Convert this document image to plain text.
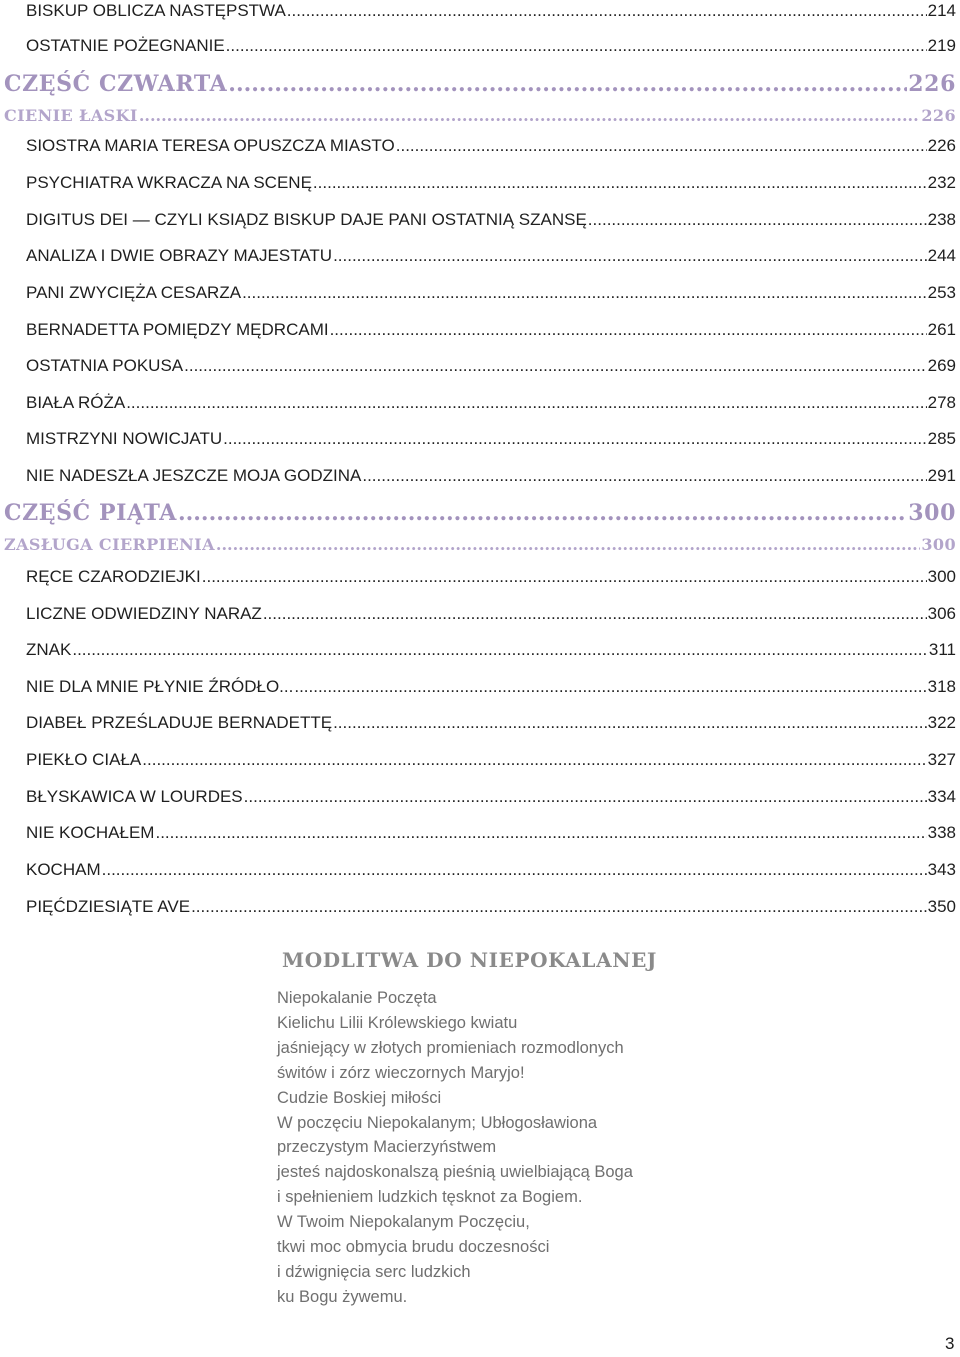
BISKUP OBLICZA NASTĘPSTWA .....	214
OSTATNIE POŻEGNANIE .....	219
CZĘŚĆ CZWARTA .....	226
CIENIE ŁASKI .....	226
SIOSTRA MARIA TERESA OPUSZCZA MIASTO .....	226
PSYCHIATRA WKRACZA NA SCENĘ .....	232
DIGITUS DEI — CZYLI KSIĄDZ BISKUP DAJE PANI OSTATNIĄ SZANSĘ .....	238
ANALIZA I DWIE OBRAZY MAJESTATU .....	244
PANI ZWYCIĘŻA CESARZA .....	253
BERNADETTA POMIĘDZY MĘDRCAMI .....	261
OSTATNIA POKUSA .....	269
BIAŁA RÓŻA .....	278
MISTRZYNI NOWICJATU .....	285
NIE NADESZŁA JESZCZE MOJA GODZINA .....	291
CZĘŚĆ PIĄTA .....	300
ZASŁUGA CIERPIENIA .....	300
RĘCE CZARODZIEJKI .....	300
LICZNE ODWIEDZINY NARAZ .....	306
ZNAK .....	311
NIE DLA MNIE PŁYNIE ŹRÓDŁO... .....	318
DIABEŁ PRZEŚLADUJE BERNADETTĘ .....	322
PIEKŁO CIAŁA .....	327
BŁYSKAWICA W LOURDES .....	334
NIE KOCHAŁEM .....	338
KOCHAM .....	343
PIĘĆDZIESIĄTE AVE .....	350
MODLITWA DO NIEPOKALANEJ
Niepokalanie Poczęta
Kielichu Lilii Królewskiego kwiatu
jaśniejący w złotych promieniach rozmodlonych
świtów i zórz wieczornych Maryjo!
Cudzie Boskiej miłości
W poczęciu Niepokalanym; Ubłogosławiona
przeczystym Macierzyństwem
jesteś najdoskonalszą pieśnią uwielbiającą Boga
i spełnieniem ludzkich tęsknot za Bogiem.
W Twoim Niepokalanym Poczęciu,
tkwi moc obmycia brudu doczesności
i dźwignięcia serc ludzkich
ku Bogu żywemu.
3
